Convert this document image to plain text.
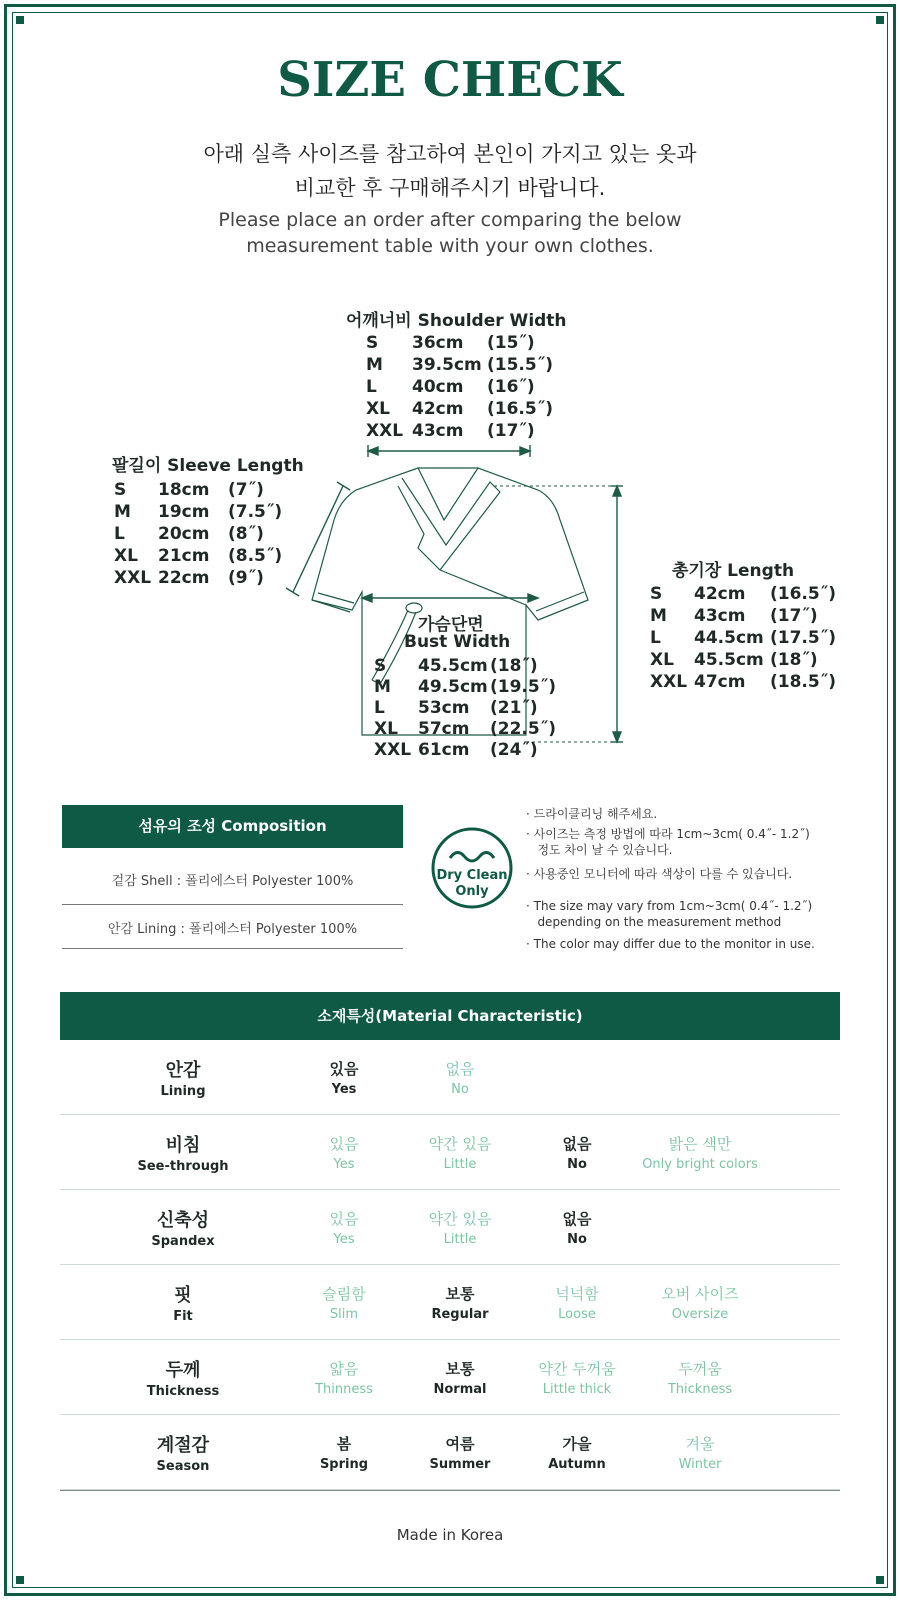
SIZE CHECK
아래 실측 사이즈를 참고하여 본인이 가지고 있는 옷과
비교한 후 구매해주시기 바랍니다.
Please place an order after comparing the below
measurement table with your own clothes.
어깨너비 Shoulder Width
S 36cm (15˝)
M 39.5cm (15.5˝)
L 40cm (16˝)
XL 42cm (16.5˝)
XXL 43cm (17˝)
팔길이 Sleeve Length
S 18cm (7˝)
M 19cm (7.5˝)
L 20cm (8˝)
XL 21cm (8.5˝)
XXL 22cm (9˝)	총기장 Length
S 42cm (16.5˝)
M 43cm (17˝)
L 44.5cm (17.5˝)
XL 45.5cm (18˝)
XXL 47cm (18.5˝)
가슴단면
Bust Width
S 45.5cm (18˝)
M 49.5cm (19.5˝)
L 53cm (21˝)
XL 57cm (22.5˝)
XXL 61cm (24˝)
섬유의 조성 Composition
겉감 Shell : 폴리에스터 Polyester 100%
안감 Lining : 폴리에스터 Polyester 100%
Dry Clean
Only
· 드라이클리닝 해주세요.
· 사이즈는 측정 방법에 따라 1cm~3cm( 0.4˝- 1.2˝)
정도 차이 날 수 있습니다.
· 사용중인 모니터에 따라 색상이 다를 수 있습니다.
· The size may vary from 1cm~3cm( 0.4˝- 1.2˝)
depending on the measurement method
· The color may differ due to the monitor in use.
소재특성(Material Characteristic)
안감
Lining
있음
Yes
없음
No
비침
See-through
있음
Yes
약간 있음
Little
없음
No
밝은 색만
Only bright colors
신축성
Spandex
있음
Yes
약간 있음
Little
없음
No
핏
Fit
슬림함
Slim
보통
Regular
넉넉함
Loose
오버 사이즈
Oversize
두께
Thickness
얇음
Thinness
보통
Normal
약간 두꺼움
Little thick
두꺼움
Thickness
계절감
Season
봄
Spring
여름
Summer
가을
Autumn
겨울
Winter
Made in Korea
